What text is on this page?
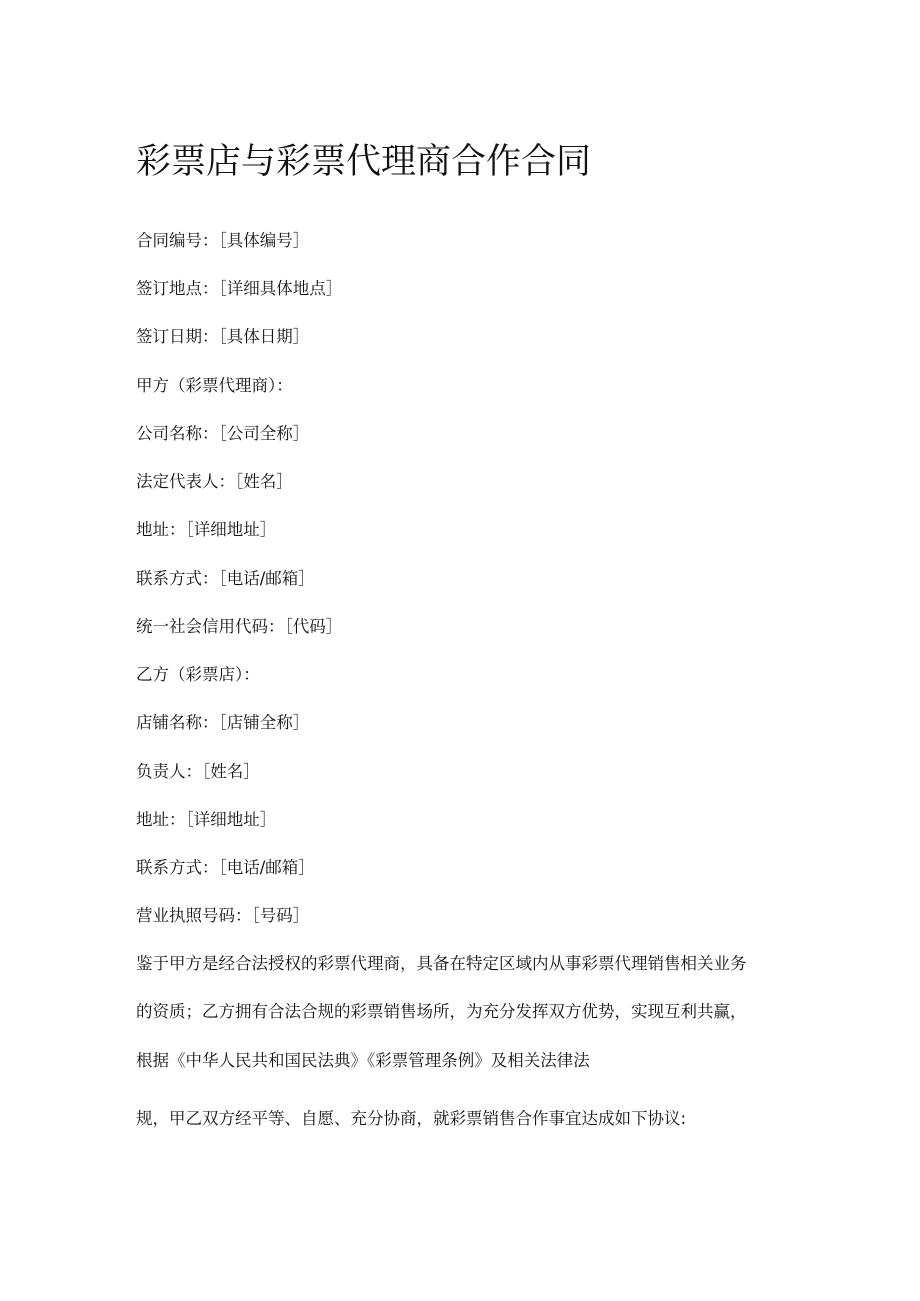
彩票店与彩票代理商合作合同

合同编号：［具体编号］

签订地点：［详细具体地点］

签订日期：［具体日期］

甲方（彩票代理商）：

公司名称：［公司全称］

法定代表人：［姓名］

地址：［详细地址］

联系方式：［电话/邮箱］

统一社会信用代码：［代码］

乙方（彩票店）：

店铺名称：［店铺全称］

负责人：［姓名］

地址：［详细地址］

联系方式：［电话/邮箱］

营业执照号码：［号码］

鉴于甲方是经合法授权的彩票代理商，具备在特定区域内从事彩票代理销售相关业务

的资质；乙方拥有合法合规的彩票销售场所，为充分发挥双方优势，实现互利共赢，

根据《中华人民共和国民法典》《彩票管理条例》及相关法律法

规，甲乙双方经平等、自愿、充分协商，就彩票销售合作事宜达成如下协议:
